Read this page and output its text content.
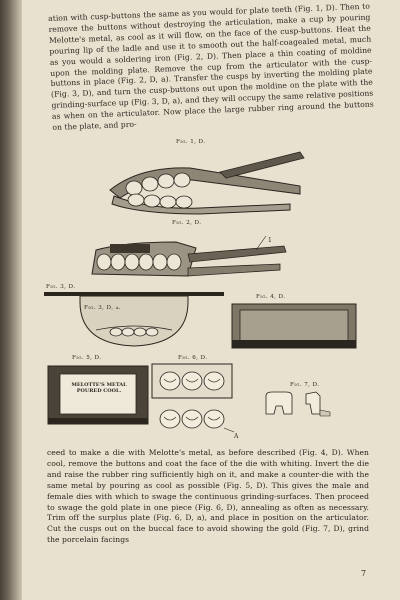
ation with cusp-buttons the same as you would for plate teeth (Fig. 1, D). Then to remove the buttons without destroying the articulation, make a cup by pouring Melotte's metal, as cool as it will flow, on the face of the cusp-buttons. Heat the pouring lip of the ladle and use it to smooth out the half-coagealed metal, much as you would a soldering iron (Fig. 2, D). Then place a thin coating of moldine upon the molding plate. Remove the cup from the articulator with the cusp-buttons in place (Fig. 2, D, a). Transfer the cusps by inverting the molding plate (Fig. 3, D), and turn the cusp-buttons out upon the moldine on the plate with the grinding-surface up (Fig. 3, D, a), and they will occupy the same relative positions as when on the articulator. Now place the large rubber ring around the buttons on the plate, and pro-

Fig. 1, D.
Fig. 2, D.
1
Fig. 3, D.
Fig. 3, D, a.
Fig. 4, D.
Fig. 5, D.
MELOTTE'S METAL POURED COOL.
Fig. 6, D.
A
Fig. 7, D.

ceed to make a die with Melotte's metal, as before described (Fig. 4, D). When cool, remove the buttons and coat the face of the die with whiting. Invert the die and raise the rubber ring sufficiently high on it, and make a counter-die with the same metal by pouring as cool as possible (Fig. 5, D). This gives the male and female dies with which to swage the continuous grinding-surfaces. Then proceed to swage the gold plate in one piece (Fig. 6, D), annealing as often as necessary. Trim off the surplus plate (Fig. 6, D, a), and place in position on the articulator. Cut the cusps out on the buccal face to avoid showing the gold (Fig. 7, D), grind the porcelain facings

7
